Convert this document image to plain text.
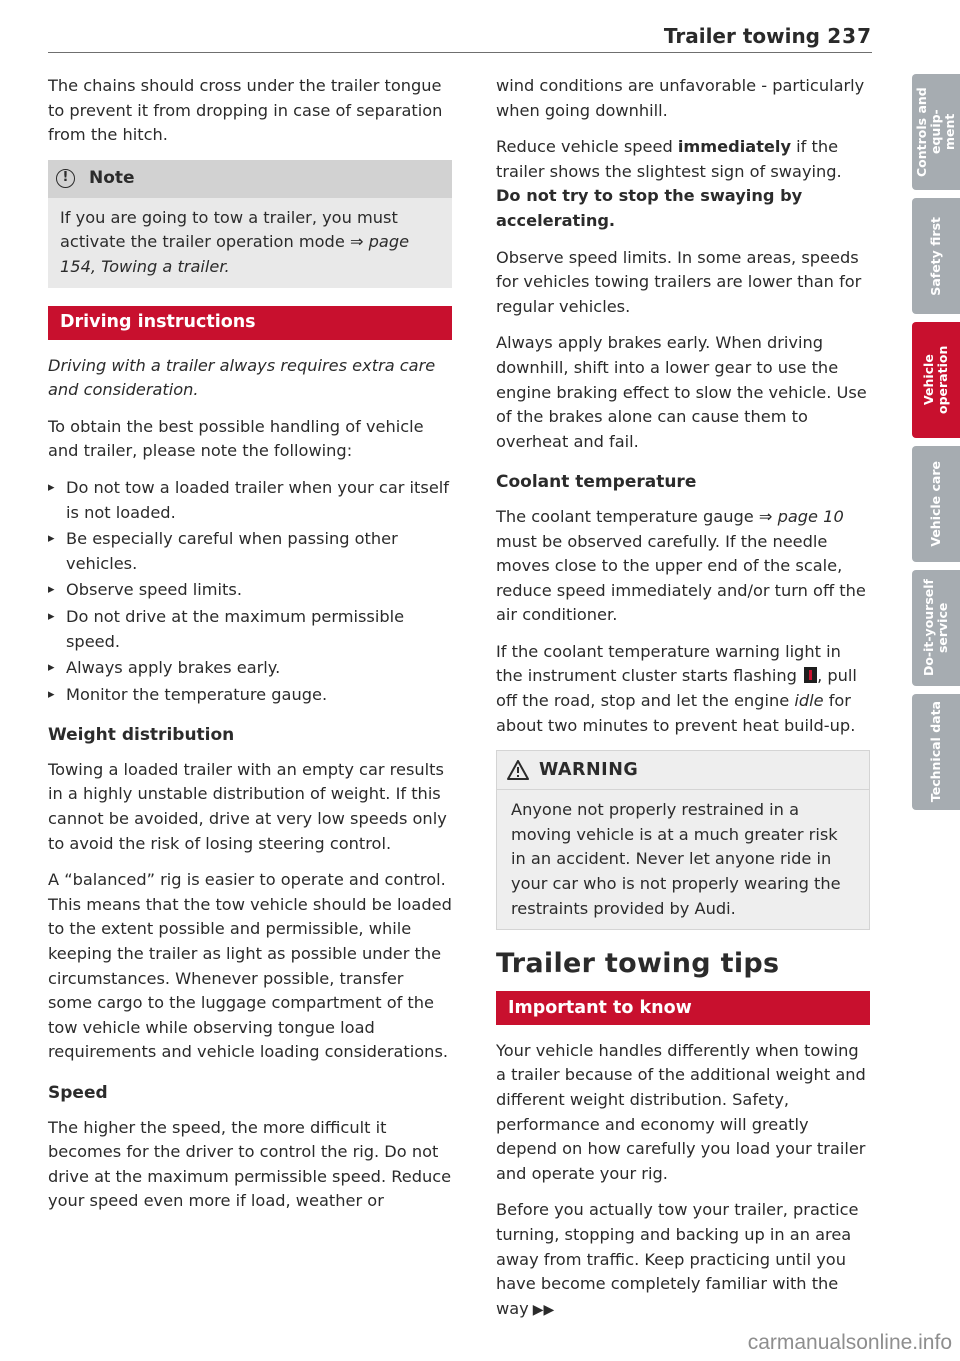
Trailer towing 237

The chains should cross under the trailer tongue to prevent it from dropping in case of separation from the hitch.

!	Note
If you are going to tow a trailer, you must activate the trailer operation mode ⇒ page 154, Towing a trailer.
Driving instructions

Driving with a trailer always requires extra care and consideration.

To obtain the best possible handling of vehicle and trailer, please note the following:

▸ Do not tow a loaded trailer when your car itself is not loaded.
▸ Be especially careful when passing other vehicles.
▸ Observe speed limits.
▸ Do not drive at the maximum permissible speed.
▸ Always apply brakes early.
▸ Monitor the temperature gauge.
Weight distribution

Towing a loaded trailer with an empty car results in a highly unstable distribution of weight. If this cannot be avoided, drive at very low speeds only to avoid the risk of losing steering control.

A “balanced” rig is easier to operate and control. This means that the tow vehicle should be loaded to the extent possible and permissible, while keeping the trailer as light as possible under the circumstances. Whenever possible, transfer some cargo to the luggage compartment of the tow vehicle while observing tongue load requirements and vehicle loading considerations.

Speed

The higher the speed, the more difficult it becomes for the driver to control the rig. Do not drive at the maximum permissible speed. Reduce your speed even more if load, weather or

wind conditions are unfavorable - particularly when going downhill.

Reduce vehicle speed immediately if the trailer shows the slightest sign of swaying. Do not try to stop the swaying by accelerating.

Observe speed limits. In some areas, speeds for vehicles towing trailers are lower than for regular vehicles.

Always apply brakes early. When driving downhill, shift into a lower gear to use the engine braking effect to slow the vehicle. Use of the brakes alone can cause them to overheat and fail.

Coolant temperature

The coolant temperature gauge ⇒ page 10 must be observed carefully. If the needle moves close to the upper end of the scale, reduce speed immediately and/or turn off the air conditioner.

If the coolant temperature warning light in the instrument cluster starts flashing , pull off the road, stop and let the engine idle for about two minutes to prevent heat build-up.

WARNING
Anyone not properly restrained in a moving vehicle is at a much greater risk in an accident. Never let anyone ride in your car who is not properly wearing the restraints provided by Audi.
Trailer towing tips
Important to know

Your vehicle handles differently when towing a trailer because of the additional weight and different weight distribution. Safety, performance and economy will greatly depend on how carefully you load your trailer and operate your rig.

Before you actually tow your trailer, practice turning, stopping and backing up in an area away from traffic. Keep practicing until you have become completely familiar with the way ▶▶

Controls and equip-
ment
Safety first
Vehicle operation
Vehicle care
Do-it-yourself
service
Technical data
carmanualsonline.info
